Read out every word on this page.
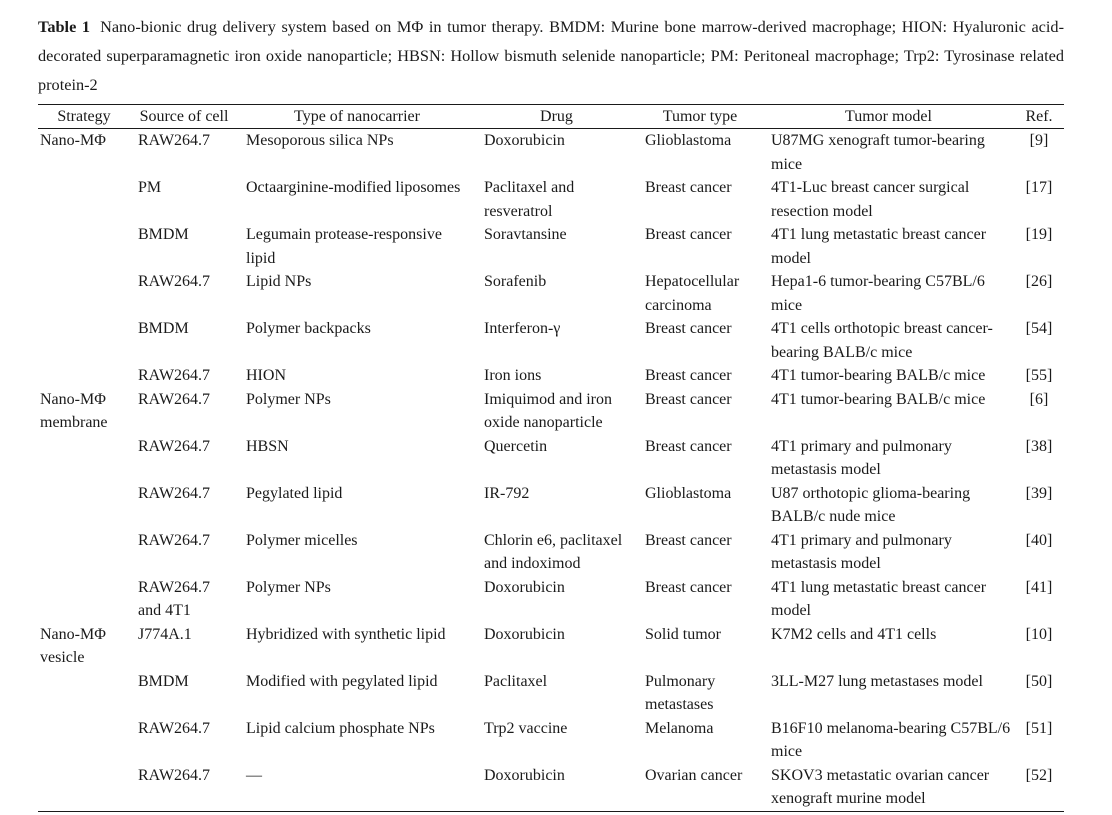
Table 1 Nano-bionic drug delivery system based on MΦ in tumor therapy. BMDM: Murine bone marrow-derived macrophage; HION: Hyaluronic acid-decorated superparamagnetic iron oxide nanoparticle; HBSN: Hollow bismuth selenide nanoparticle; PM: Peritoneal macrophage; Trp2: Tyrosinase related protein-2
Strategy	Source of cell	Type of nanocarrier	Drug	Tumor type	Tumor model	Ref.
Nano-MΦ	RAW264.7	Mesoporous silica NPs	Doxorubicin	Glioblastoma	U87MG xenograft tumor-bearing mice	[9]
	PM	Octaarginine-modified liposomes	Paclitaxel and resveratrol	Breast cancer	4T1-Luc breast cancer surgical resection model	[17]
	BMDM	Legumain protease-responsive lipid	Soravtansine	Breast cancer	4T1 lung metastatic breast cancer model	[19]
	RAW264.7	Lipid NPs	Sorafenib	Hepatocellular carcinoma	Hepa1-6 tumor-bearing C57BL/6 mice	[26]
	BMDM	Polymer backpacks	Interferon-γ	Breast cancer	4T1 cells orthotopic breast cancer-bearing BALB/c mice	[54]
	RAW264.7	HION	Iron ions	Breast cancer	4T1 tumor-bearing BALB/c mice	[55]
Nano-MΦ membrane	RAW264.7	Polymer NPs	Imiquimod and iron oxide nanoparticle	Breast cancer	4T1 tumor-bearing BALB/c mice	[6]
	RAW264.7	HBSN	Quercetin	Breast cancer	4T1 primary and pulmonary metastasis model	[38]
	RAW264.7	Pegylated lipid	IR-792	Glioblastoma	U87 orthotopic glioma-bearing BALB/c nude mice	[39]
	RAW264.7	Polymer micelles	Chlorin e6, paclitaxel and indoximod	Breast cancer	4T1 primary and pulmonary metastasis model	[40]
	RAW264.7 and 4T1	Polymer NPs	Doxorubicin	Breast cancer	4T1 lung metastatic breast cancer model	[41]
Nano-MΦ vesicle	J774A.1	Hybridized with synthetic lipid	Doxorubicin	Solid tumor	K7M2 cells and 4T1 cells	[10]
	BMDM	Modified with pegylated lipid	Paclitaxel	Pulmonary metastases	3LL-M27 lung metastases model	[50]
	RAW264.7	Lipid calcium phosphate NPs	Trp2 vaccine	Melanoma	B16F10 melanoma-bearing C57BL/6 mice	[51]
	RAW264.7	—	Doxorubicin	Ovarian cancer	SKOV3 metastatic ovarian cancer xenograft murine model	[52]
